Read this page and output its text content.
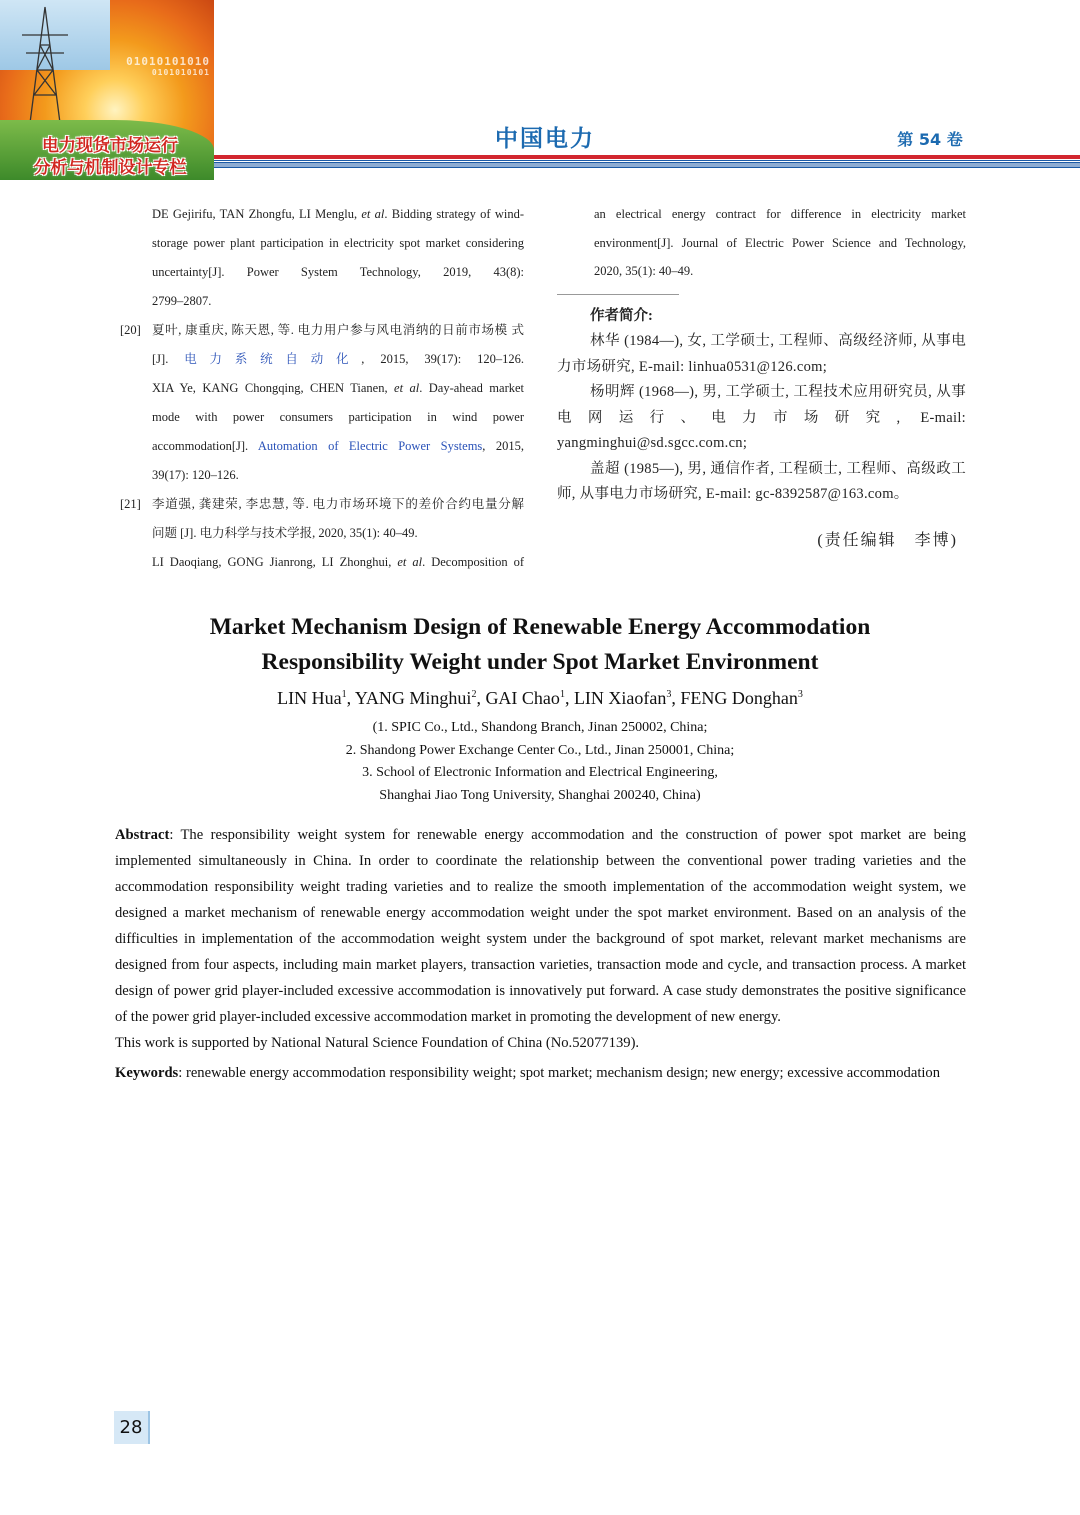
01010101010
0101010101
电力现货市场运行
分析与机制设计专栏
中国电力	第 54 卷
DE Gejirifu, TAN Zhongfu, LI Menglu, et al. Bidding strategy of wind-storage power plant participation in electricity spot market considering uncertainty[J]. Power System Technology, 2019, 43(8):
2799–2807.
[20] 夏叶, 康重庆, 陈天恩, 等. 电力用户参与风电消纳的日前市场模 式 [J]. 电力系统自动化, 2015, 39(17): 120–126.
XIA Ye, KANG Chongqing, CHEN Tianen, et al. Day-ahead market mode with power consumers participation in wind power accommodation[J]. Automation of Electric Power Systems, 2015,
39(17): 120–126.
[21] 李道强, 龚建荣, 李忠慧, 等. 电力市场环境下的差价合约电量分解
问题 [J]. 电力科学与技术学报, 2020, 35(1): 40–49.
LI Daoqiang, GONG Jianrong, LI Zhonghui, et al. Decomposition of
an electrical energy contract for difference in electricity market environment[J]. Journal of Electric Power Science and Technology,
2020, 35(1): 40–49.
作者简介:
林华 (1984—), 女, 工学硕士, 工程师、高级经济师, 从事电力市场研究, E-mail: linhua0531@126.com;
杨明辉 (1968—), 男, 工学硕士, 工程技术应用研究员, 从事电网运行、电力市场研究, E-mail: yangminghui@sd.sgcc.com.cn;
盖超 (1985—), 男, 通信作者, 工程硕士, 工程师、高级政工师, 从事电力市场研究, E-mail: gc-8392587@163.com。
(责任编辑　李博)
Market Mechanism Design of Renewable Energy Accommodation
Responsibility Weight under Spot Market Environment
LIN Hua$^1$, YANG Minghui$^2$, GAI Chao$^1$, LIN Xiaofan$^3$, FENG Donghan$^3$
(1. SPIC Co., Ltd., Shandong Branch, Jinan 250002, China;
2. Shandong Power Exchange Center Co., Ltd., Jinan 250001, China;
3. School of Electronic Information and Electrical Engineering,
Shanghai Jiao Tong University, Shanghai 200240, China)

Abstract: The responsibility weight system for renewable energy accommodation and the construction of power spot market are being implemented simultaneously in China. In order to coordinate the relationship between the conventional power trading varieties and the accommodation responsibility weight trading varieties and to realize the smooth implementation of the accommodation weight system, we designed a market mechanism of renewable energy accommodation weight under the spot market environment. Based on an analysis of the difficulties in implementation of the accommodation weight system under the background of spot market, relevant market mechanisms are designed from four aspects, including main market players, transaction varieties, transaction mode and cycle, and transaction process. A market design of power grid player-included excessive accommodation is innovatively put forward. A case study demonstrates the positive significance of the power grid player-included excessive accommodation market in promoting the development of new energy.

This work is supported by National Natural Science Foundation of China (No.52077139).

Keywords: renewable energy accommodation responsibility weight; spot market; mechanism design; new energy; excessive accommodation

28
